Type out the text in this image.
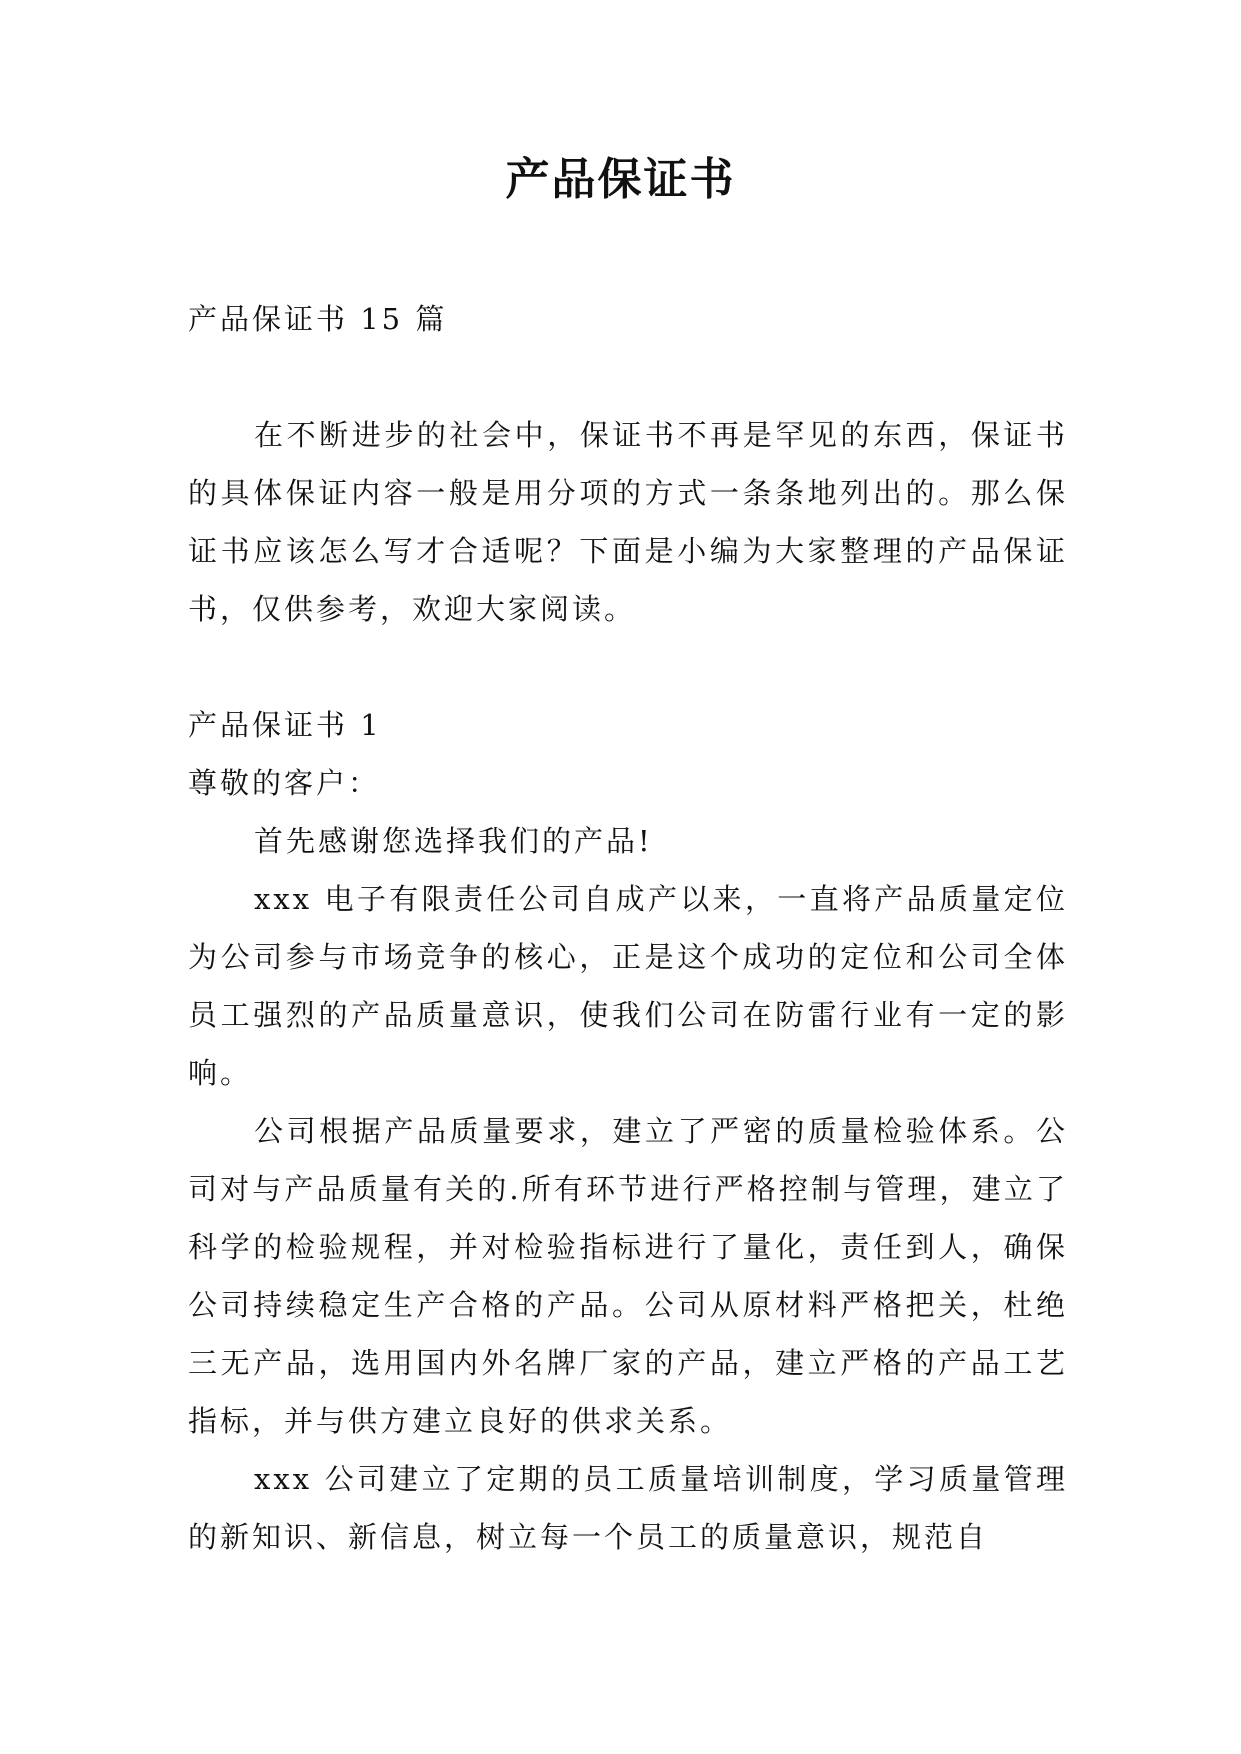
产品保证书

产品保证书 15 篇

在不断进步的社会中，保证书不再是罕见的东西，保证书的具体保证内容一般是用分项的方式一条条地列出的。那么保证书应该怎么写才合适呢？下面是小编为大家整理的产品保证书，仅供参考，欢迎大家阅读。

产品保证书 1

尊敬的客户：

首先感谢您选择我们的产品!

xxx 电子有限责任公司自成产以来，一直将产品质量定位为公司参与市场竞争的核心，正是这个成功的定位和公司全体员工强烈的产品质量意识，使我们公司在防雷行业有一定的影响。

公司根据产品质量要求，建立了严密的质量检验体系。公司对与产品质量有关的.所有环节进行严格控制与管理，建立了科学的检验规程，并对检验指标进行了量化，责任到人，确保公司持续稳定生产合格的产品。公司从原材料严格把关，杜绝三无产品，选用国内外名牌厂家的产品，建立严格的产品工艺指标，并与供方建立良好的供求关系。

xxx 公司建立了定期的员工质量培训制度，学习质量管理的新知识、新信息，树立每一个员工的质量意识，规范自
